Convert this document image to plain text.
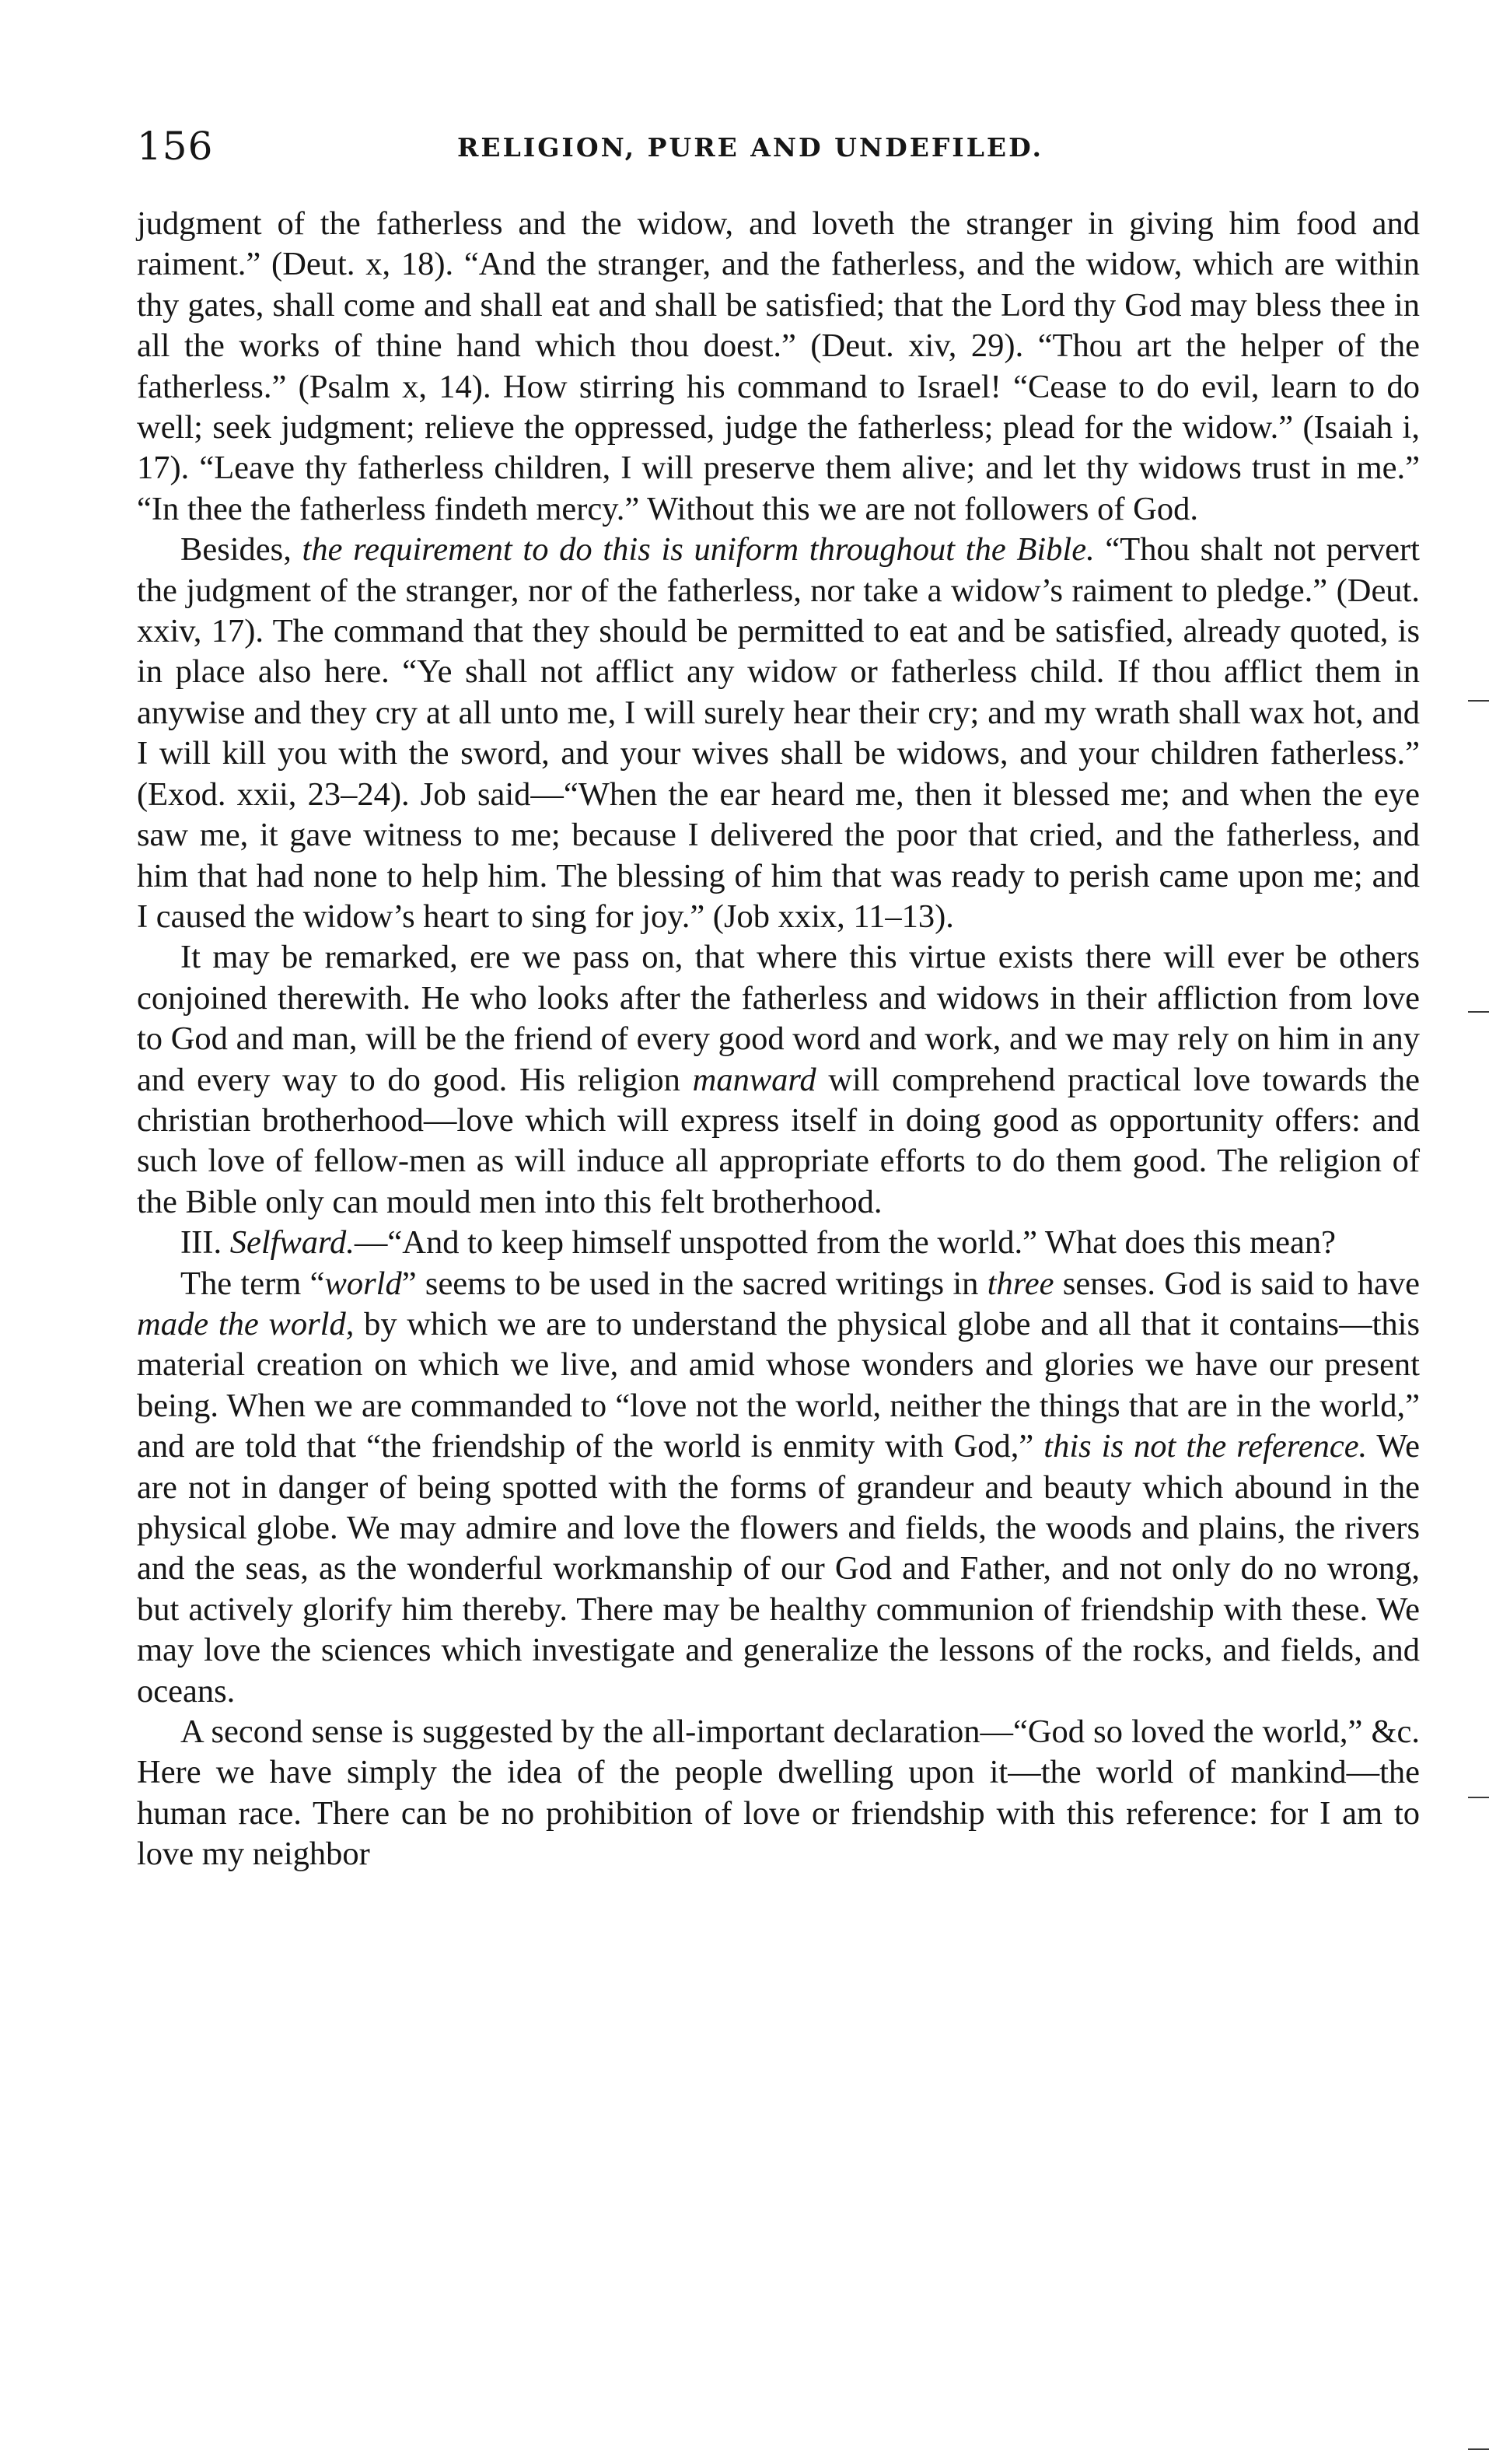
156	RELIGION, PURE AND UNDEFILED.

judgment of the fatherless and the widow, and loveth the stranger in giving him food and raiment.” (Deut. x, 18). “And the stranger, and the fatherless, and the widow, which are within thy gates, shall come and shall eat and shall be satisfied; that the Lord thy God may bless thee in all the works of thine hand which thou doest.” (Deut. xiv, 29). “Thou art the helper of the fatherless.” (Psalm x, 14). How stirring his command to Israel! “Cease to do evil, learn to do well; seek judgment; relieve the oppressed, judge the fatherless; plead for the widow.” (Isaiah i, 17). “Leave thy fatherless children, I will preserve them alive; and let thy widows trust in me.” “In thee the fatherless findeth mercy.” Without this we are not followers of God.

Besides, the requirement to do this is uniform throughout the Bible. “Thou shalt not pervert the judgment of the stranger, nor of the fatherless, nor take a widow’s raiment to pledge.” (Deut. xxiv, 17). The command that they should be permitted to eat and be satisfied, already quoted, is in place also here. “Ye shall not afflict any widow or fatherless child. If thou afflict them in anywise and they cry at all unto me, I will surely hear their cry; and my wrath shall wax hot, and I will kill you with the sword, and your wives shall be widows, and your children fatherless.” (Exod. xxii, 23–24). Job said—“When the ear heard me, then it blessed me; and when the eye saw me, it gave witness to me; because I delivered the poor that cried, and the fatherless, and him that had none to help him. The blessing of him that was ready to perish came upon me; and I caused the widow’s heart to sing for joy.” (Job xxix, 11–13).

It may be remarked, ere we pass on, that where this virtue exists there will ever be others conjoined therewith. He who looks after the fatherless and widows in their affliction from love to God and man, will be the friend of every good word and work, and we may rely on him in any and every way to do good. His religion manward will comprehend practical love towards the christian brotherhood—love which will express itself in doing good as opportunity offers: and such love of fellow-men as will induce all appropriate efforts to do them good. The religion of the Bible only can mould men into this felt brotherhood.

III. Selfward.—“And to keep himself unspotted from the world.” What does this mean?

The term “world” seems to be used in the sacred writings in three senses. God is said to have made the world, by which we are to understand the physical globe and all that it contains—this material creation on which we live, and amid whose wonders and glories we have our present being. When we are commanded to “love not the world, neither the things that are in the world,” and are told that “the friendship of the world is enmity with God,” this is not the reference. We are not in danger of being spotted with the forms of grandeur and beauty which abound in the physical globe. We may admire and love the flowers and fields, the woods and plains, the rivers and the seas, as the wonderful workmanship of our God and Father, and not only do no wrong, but actively glorify him thereby. There may be healthy communion of friendship with these. We may love the sciences which investigate and generalize the lessons of the rocks, and fields, and oceans.

A second sense is suggested by the all-important declaration—“God so loved the world,” &c. Here we have simply the idea of the people dwelling upon it—the world of mankind—the human race. There can be no prohibition of love or friendship with this reference: for I am to love my neighbor
